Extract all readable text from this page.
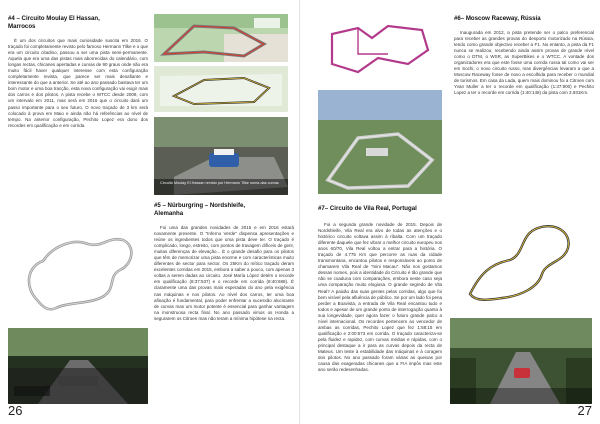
#4 – Circuito Moulay El Hassan,
Marrocos
É um dos circuitos que mais curiosidade suscita em 2016. O traçado foi completamente revisto pelo famoso Hermann Tilke e o que era um circuito citadino, passou a ser uma pista semi-permanente. Aquela que era uma das pistas mais aborrecidas do calendário, com longas rectas, chicanes apertadas e curvas de 90 graus onde não era muito fácil haver qualquer interesse com esta configuração completamente revista, que parece ser mais desafiante e interessante do que a anterior. Se até ao ano passado bastava ter um bom motor e uma boa tracção, esta nova configuração vai exigir mais dos carros e dos pilotos. A pista recebe o WTCC desde 2009, com um intervalo em 2011, mas será em 2016 que o circuito dará um passo importante para o seu futuro. O novo traçado de 3 km será colocado à prova em Maio e ainda não há referências ao nível de tempo. Na anterior configuração, Pechito Lopez era dono dos recordes em qualificação e em corrida.
Circuito Moulay El Hassan revisto por Hermann Tilke numa das curvas
#5 – Nürburgring – Nordshleife,
Alemanha
Foi uma das grandes novidades de 2015 e em 2016 estará novamente presente. O "Inferno Verde" dispensa apresentações e reúne os ingredientes todos que uma pista deve ter. O traçado é complicado, longo, estreito, com pontos de travagem difíceis de gerir, muitas diferenças de elevação... É o grande desafio para os pilotos que têm de memorizar uma pista enorme e com características muito diferentes de sector para sector. Os 25Km do mítico traçado deram excelentes corridas em 2015, embora a saber a pouco, com apenas 3 voltas a serem dadas ao circuito. José María López detém o recorde em qualificação (8:37:537) e o recorde em corrida (8:40:688). É claramente uma das provas mais esperadas do ano pela exigência nas máquinas e nos pilotos. Ao nível dos carros, ter uma boa afinação é fundamental, para poder enfrentar a sucessão alucinante de curvas mas um motor potente é essencial para ganhar vantagem na monstruosa recta final. No ano passado vimos os Honda a segurarem os Citroen mas não teram a mínima hipótese na recta.
26
#6– Moscow Raceway, Rússia
Inaugurada em 2012, a pista pretende ser o palco preferencial para receber as grandes provas do desporto motorizado na Rússia, tendo como grande objectivo receber a F1. No entanto, a pista da F1 nunca se realizou, recebendo ainda assim provas de grande nível como o DTM, o WSR, as SuperBikes e o WTCC. A vontade dos organizadores era que este fosse uma corrida russa tal como vai ser em Sochi, o novo circuito russo, mas divergências levaram a que a Moscow Raceway fosse de novo a escolhida para receber o mundial de turismos. Em casa da Lada, quem mais dominou foi a Citroen com Yvan Muller a ter o recorde em qualificação (1:37:900) e Pechito Lopez a ter o recorde em corrida (1:40:148) da pista com 3.931Km.
#7– Circuito de Vila Real, Portugal
Foi a segunda grande novidade de 2015. Depois de Nordshleife, Vila Real era alvo de todas as atenções e o histórico circuito voltava assim à ribalta. Com um traçado diferente daquele que fez vibrar o melhor circuito europeu nos anos 60/70, Vila Real voltou a entrar para a história. O traçado de 4.775 Km que percorre as ruas da cidade transmontana, encantou pilotos e responsáveis ao ponto de chamarem Vila Real de "mini Macau". Não nos gostamos dessas nomes, pois a identidade do Circuito é tão grande que não se coaduna com comparações, embora neste caso seja uma comparação muito elogiosa. O grande segredo de Vila Real? A paixão das suas gentes pelas corridas, algo que foi bem visível pela afluência de público. Se por um lado foi pena perder a Boavista, a entrada de Vila Real encantou tudo e todos e apesar de um grande ponto de interrogação quanto à sua longevidade, quer agora fazer o futuro grande palco a nível internacional. Os recordes pertencem ao vencedor de ambas as corridas, Pechito Lopez que fez 1:58:15 em qualificação e 2:00:573 em corrida. O traçado caracteriza-se pela fluidez e rapidez, com curvas médias e rápidas, com o principal destaque a ir para as curvas depois da recta de Mateus. Um teste à estabilidade das máquinas e à coragem dos pilotos. No ano passado foram várias as queixas por causa das exageradas chicanes que a FIA impôs mas este ano serão redesenhadas.
27
